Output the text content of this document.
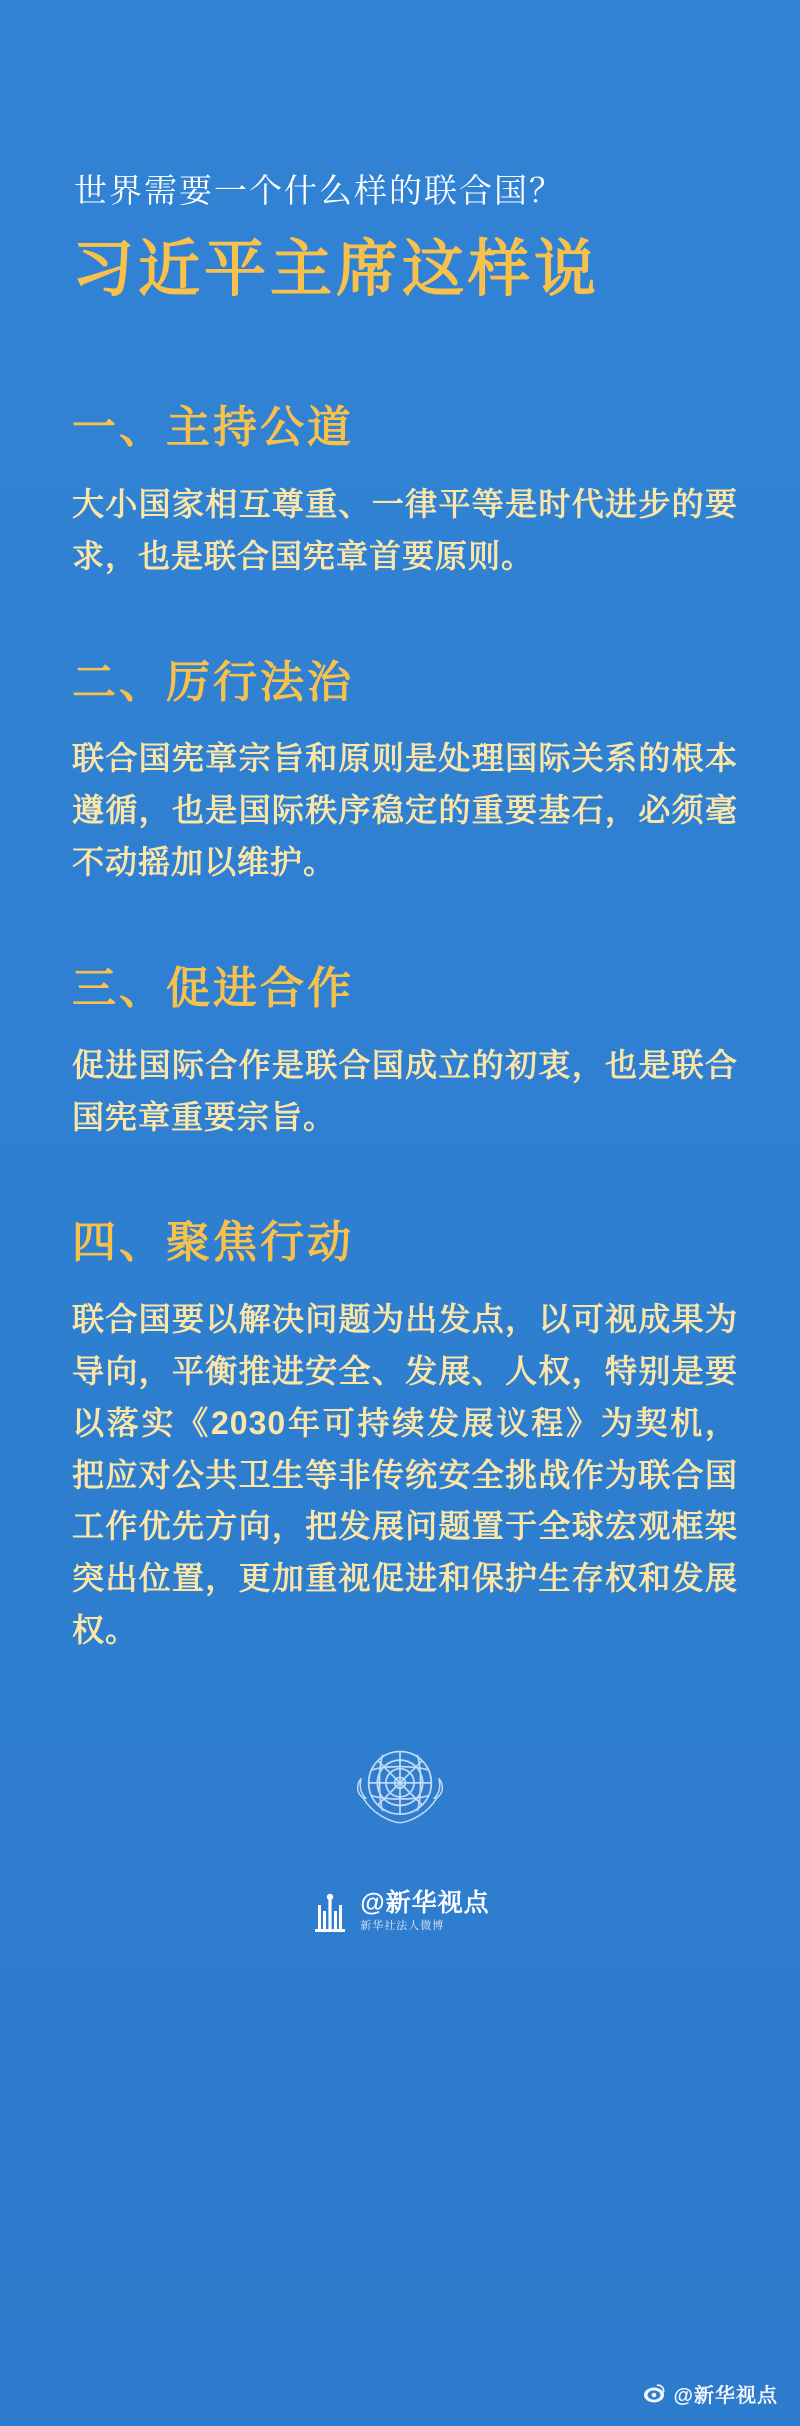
世界需要一个什么样的联合国？
习近平主席这样说
一、主持公道
大小国家相互尊重、一律平等是时代进步的要求，也是联合国宪章首要原则。
二、厉行法治
联合国宪章宗旨和原则是处理国际关系的根本遵循，也是国际秩序稳定的重要基石，必须毫不动摇加以维护。
三、促进合作
促进国际合作是联合国成立的初衷，也是联合国宪章重要宗旨。
四、聚焦行动
联合国要以解决问题为出发点，以可视成果为导向，平衡推进安全、发展、人权，特别是要以落实《2030年可持续发展议程》为契机，把应对公共卫生等非传统安全挑战作为联合国工作优先方向，把发展问题置于全球宏观框架突出位置，更加重视促进和保护生存权和发展权。
@新华视点
新华社法人微博
@新华视点
